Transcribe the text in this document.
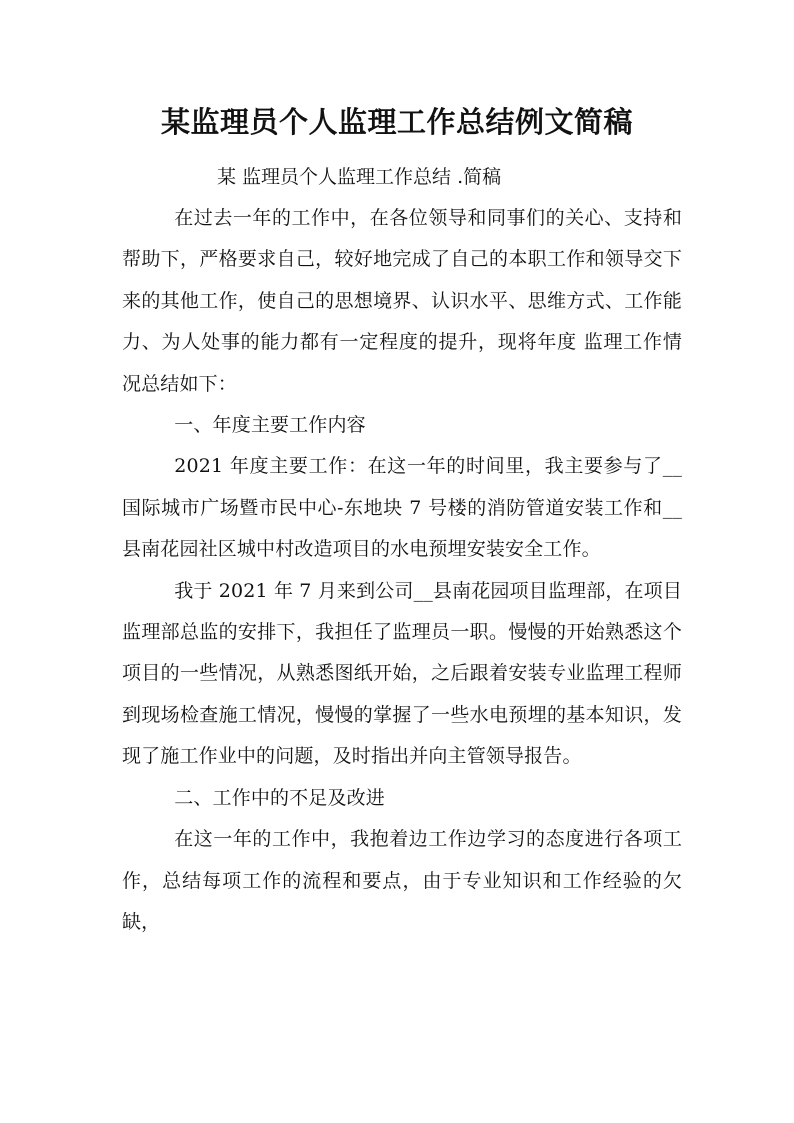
某监理员个人监理工作总结例文简稿
某 监理员个人监理工作总结 .简稿

在过去一年的工作中，在各位领导和同事们的关心、支持和帮助下，严格要求自己，较好地完成了自己的本职工作和领导交下来的其他工作，使自己的思想境界、认识水平、思维方式、工作能力、为人处事的能力都有一定程度的提升，现将年度 监理工作情况总结如下：

一、年度主要工作内容

2021 年度主要工作：在这一年的时间里，我主要参与了__国际城市广场暨市民中心-东地块 7 号楼的消防管道安装工作和__县南花园社区城中村改造项目的水电预埋安装安全工作。

我于 2021 年 7 月来到公司__县南花园项目监理部，在项目监理部总监的安排下，我担任了监理员一职。慢慢的开始熟悉这个项目的一些情况，从熟悉图纸开始，之后跟着安装专业监理工程师到现场检查施工情况，慢慢的掌握了一些水电预埋的基本知识，发现了施工作业中的问题，及时指出并向主管领导报告。

二、工作中的不足及改进

在这一年的工作中，我抱着边工作边学习的态度进行各项工作，总结每项工作的流程和要点，由于专业知识和工作经验的欠缺，
